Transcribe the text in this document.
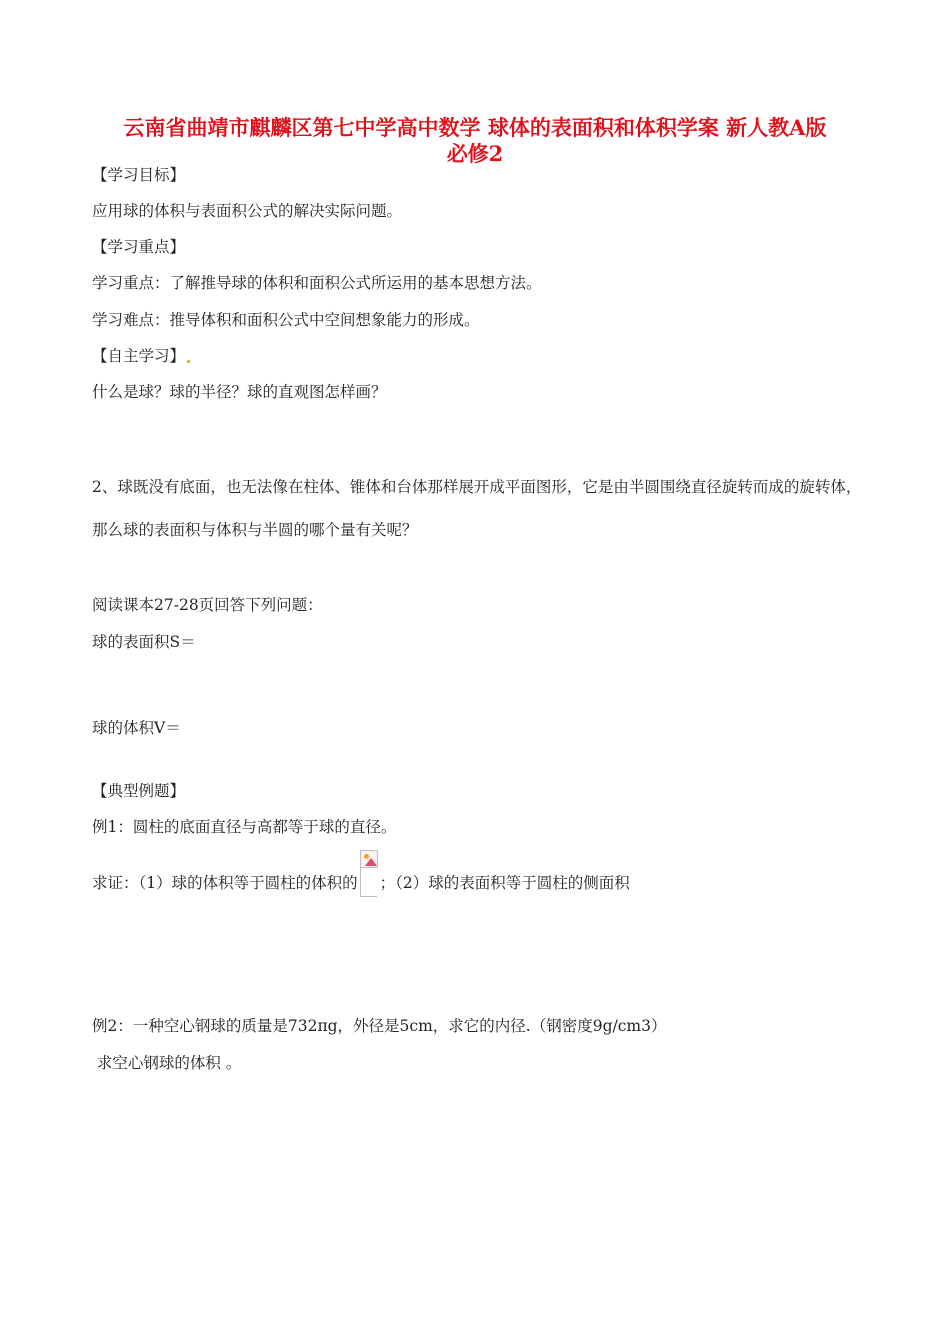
云南省曲靖市麒麟区第七中学高中数学 球体的表面积和体积学案 新人教A版
必修2
【学习目标】
应用球的体积与表面积公式的解决实际问题。
【学习重点】
学习重点：了解推导球的体积和面积公式所运用的基本思想方法。
学习难点：推导体积和面积公式中空间想象能力的形成。
【自主学习】
什么是球？球的半径？球的直观图怎样画？
2、球既没有底面，也无法像在柱体、锥体和台体那样展开成平面图形，它是由半圆围绕直径旋转而成的旋转体，那么球的表面积与体积与半圆的哪个量有关呢？
阅读课本27-28页回答下列问题：
球的表面积S＝
球的体积V＝
【典型例题】
例1：圆柱的底面直径与高都等于球的直径。
求证：（1）球的体积等于圆柱的体积的 ；（2）球的表面积等于圆柱的侧面积
例2：一种空心钢球的质量是732πg，外径是5cm，求它的内径.（钢密度9g/cm3）
求空心钢球的体积 。
